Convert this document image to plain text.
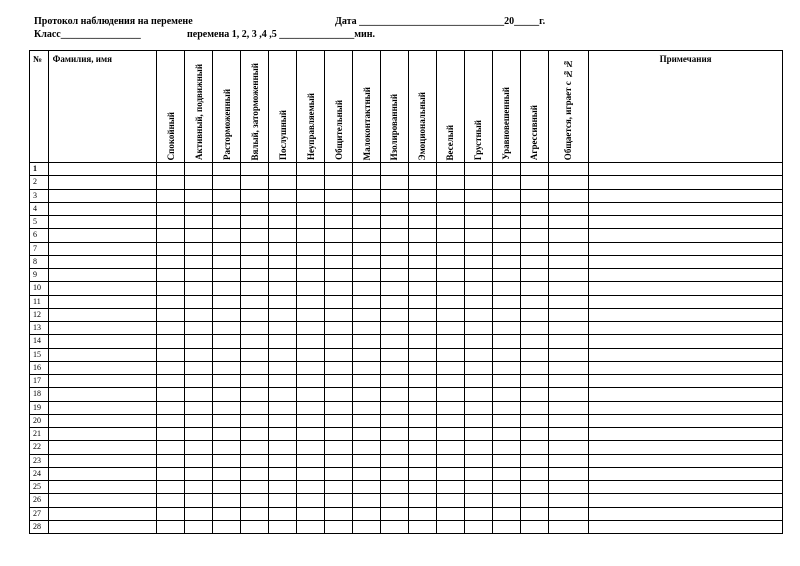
Протокол наблюдения на перемене	Дата _____________________________20_____г.
Класс________________	перемена 1, 2, 3 ,4 ,5 _______________мин.
№	Фамилия, имя	Спокойный	Активный, подвижный	Расторможенный	Вялый, заторможенный	Послушный	Неуправляемый	Общительный	Малоконтактный	Изолированный	Эмоциональный	Веселый	Грустный	Уравновешенный	Агрессивный	Общается, играет с №№	Примечания
1																	
2																	
3																	
4																	
5																	
6																	
7																	
8																	
9																	
10																	
11																	
12																	
13																	
14																	
15																	
16																	
17																	
18																	
19																	
20																	
21																	
22																	
23																	
24																	
25																	
26																	
27																	
28																	
